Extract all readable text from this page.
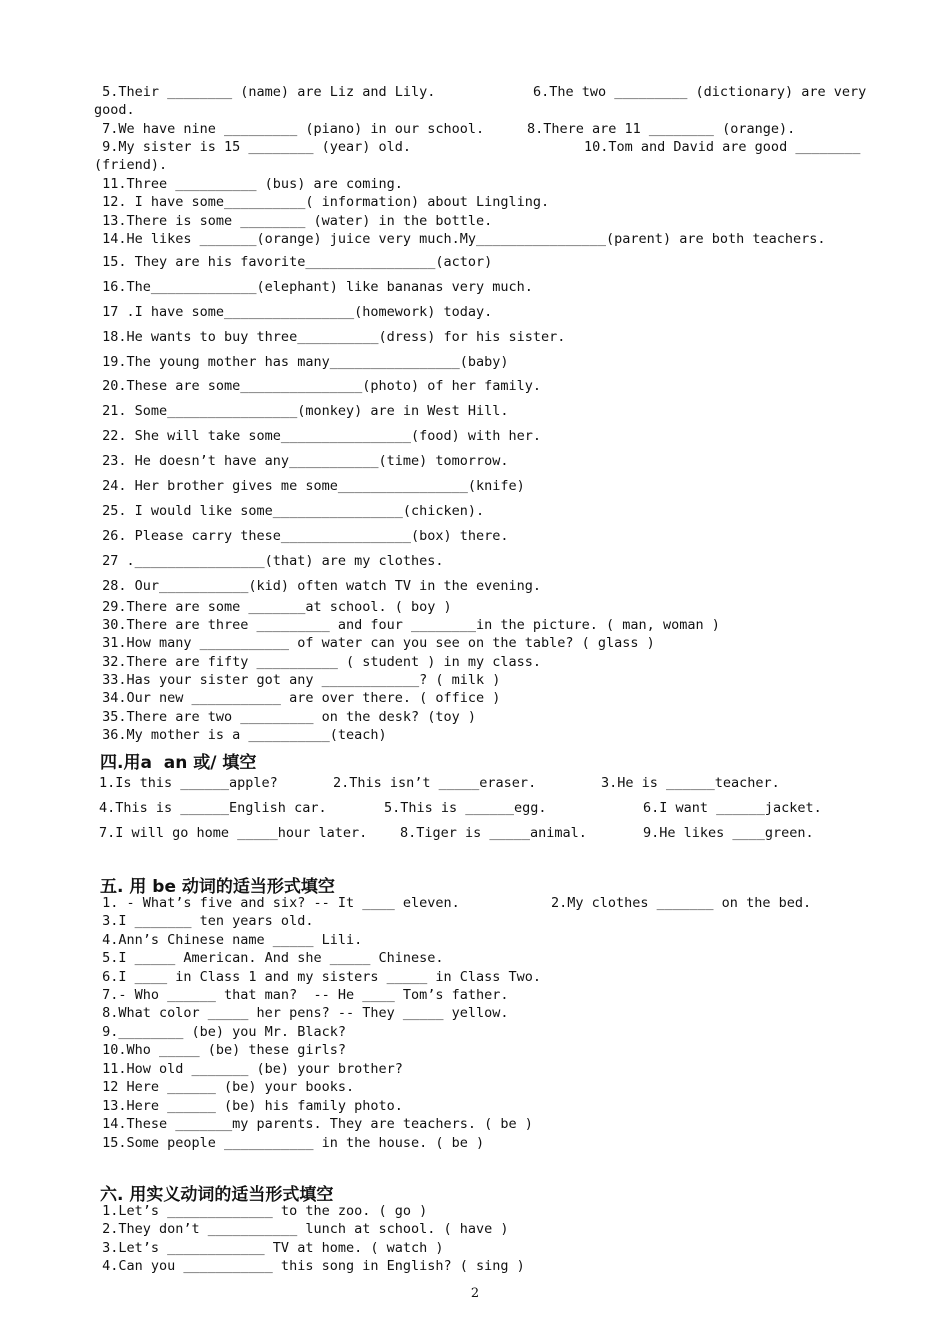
5.Their ________ (name) are Liz and Lily.

	6.The two _________ (dictionary) are very

good.

7.We have nine _________ (piano) in our school.

	8.There are 11 ________ (orange).

9.My sister is 15 ________ (year) old.

	10.Tom and David are good ________

(friend).

11.Three __________ (bus) are coming.

12. I have some__________( information) about Lingling.

13.There is some ________ (water) in the bottle.

14.He likes _______(orange) juice very much.My________________(parent) are both teachers.

15. They are his favorite________________(actor)

16.The_____________(elephant) like bananas very much.

17 .I have some________________(homework) today.

18.He wants to buy three__________(dress) for his sister.

19.The young mother has many________________(baby)

20.These are some_______________(photo) of her family.

21. Some________________(monkey) are in West Hill.

22. She will take some________________(food) with her.

23. He doesn’t have any___________(time) tomorrow.

24. Her brother gives me some________________(knife)

25. I would like some________________(chicken).

26. Please carry these________________(box) there.

27 .________________(that) are my clothes.

28. Our___________(kid) often watch TV in the evening.

29.There are some _______at school. ( boy )

30.There are three _________ and four ________in the picture. ( man, woman )

31.How many ___________ of water can you see on the table? ( glass )

32.There are fifty __________ ( student ) in my class.

33.Has your sister got any ____________? ( milk )

34.Our new ___________ are over there. ( office )

35.There are two _________ on the desk? (toy )

36.My mother is a __________(teach)

四.用a  an 或/ 填空

1.Is this ______apple?

	2.This isn’t _____eraser.

	3.He is ______teacher.

4.This is ______English car.

	5.This is ______egg.

	6.I want ______jacket.

7.I will go home _____hour later.

8.Tiger is _____animal.

	9.He likes ____green.

五. 用 be 动词的适当形式填空

1. - What’s five and six? -- It ____ eleven.

	2.My clothes _______ on the bed.

3.I _______ ten years old.

4.Ann’s Chinese name _____ Lili.

5.I _____ American. And she _____ Chinese.

6.I ____ in Class 1 and my sisters _____ in Class Two.

7.- Who ______ that man?  -- He ____ Tom’s father.

8.What color _____ her pens? -- They _____ yellow.

9.________ (be) you Mr. Black?

10.Who _____ (be) these girls?

11.How old _______ (be) your brother?

12 Here ______ (be) your books.

13.Here ______ (be) his family photo.

14.These _______my parents. They are teachers. ( be )

15.Some people ___________ in the house. ( be )

六. 用实义动词的适当形式填空

1.Let’s _____________ to the zoo. ( go )

2.They don’t ___________ lunch at school. ( have )

3.Let’s ____________ TV at home. ( watch )

4.Can you ___________ this song in English? ( sing )

2
